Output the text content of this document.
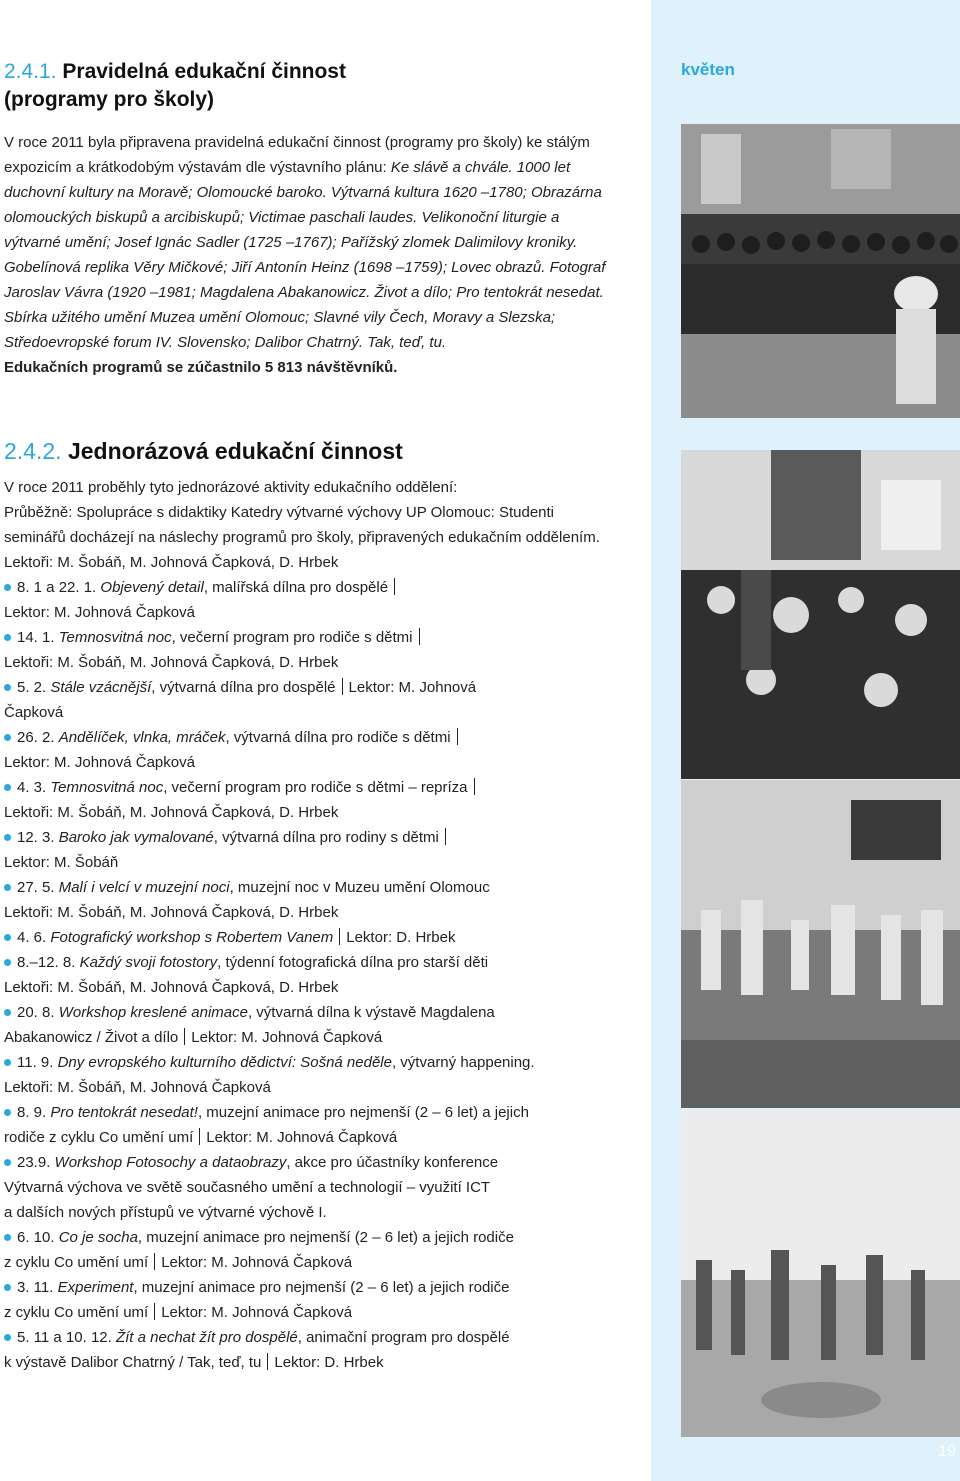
květen
19
2.4.1. Pravidelná edukační činnost
(programy pro školy)

V roce 2011 byla připravena pravidelná edukační činnost (programy pro školy) ke stálým expozicím a krátkodobým výstavám dle výstavního plánu: Ke slávě a chvále. 1000 let duchovní kultury na Moravě; Olomoucké baroko. Výtvarná kultura 1620 –1780; Obrazárna olomouckých biskupů a arcibiskupů; Victimae paschali laudes. Velikonoční liturgie a výtvarné umění; Josef Ignác Sadler (1725 –1767); Pařížský zlomek Dalimilovy kroniky. Gobelínová replika Věry Mičkové; Jiří Antonín Heinz (1698 –1759); Lovec obrazů. Fotograf Jaroslav Vávra (1920 –1981; Magdalena Abakanowicz. Život a dílo; Pro tentokrát nesedat. Sbírka užitého umění Muzea umění Olomouc; Slavné vily Čech, Moravy a Slezska; Středoevropské forum IV. Slovensko; Dalibor Chatrný. Tak, teď, tu.

Edukačních programů se zúčastnilo 5 813 návštěvníků.

2.4.2. Jednorázová edukační činnost

V roce 2011 proběhly tyto jednorázové aktivity edukačního oddělení:

Průběžně: Spolupráce s didaktiky Katedry výtvarné výchovy UP Olomouc: Studenti seminářů docházejí na náslechy programů pro školy, připravených edukačním oddělením.

Lektoři: M. Šobáň, M. Johnová Čapková, D. Hrbek

8. 1 a 22. 1. Objevený detail, malířská dílna pro dospělé

Lektor: M. Johnová Čapková

14. 1. Temnosvitná noc, večerní program pro rodiče s dětmi

Lektoři: M. Šobáň, M. Johnová Čapková, D. Hrbek

5. 2. Stále vzácnější, výtvarná dílna pro dospělé Lektor: M. Johnová

Čapková

26. 2. Andělíček, vlnka, mráček, výtvarná dílna pro rodiče s dětmi

Lektor: M. Johnová Čapková

4. 3. Temnosvitná noc, večerní program pro rodiče s dětmi – repríza

Lektoři: M. Šobáň, M. Johnová Čapková, D. Hrbek

12. 3. Baroko jak vymalované, výtvarná dílna pro rodiny s dětmi

Lektor: M. Šobáň

27. 5. Malí i velcí v muzejní noci, muzejní noc v Muzeu umění Olomouc

Lektoři: M. Šobáň, M. Johnová Čapková, D. Hrbek

4. 6. Fotografický workshop s Robertem Vanem Lektor: D. Hrbek

8.–12. 8. Každý svoji fotostory, týdenní fotografická dílna pro starší děti

Lektoři: M. Šobáň, M. Johnová Čapková, D. Hrbek

20. 8. Workshop kreslené animace, výtvarná dílna k výstavě Magdalena

Abakanowicz / Život a dílo Lektor: M. Johnová Čapková

11. 9. Dny evropského kulturního dědictví: Sošná neděle, výtvarný happening.

Lektoři: M. Šobáň, M. Johnová Čapková

8. 9. Pro tentokrát nesedat!, muzejní animace pro nejmenší (2 – 6 let) a jejich

rodiče z cyklu Co umění umí Lektor: M. Johnová Čapková

23.9. Workshop Fotosochy a dataobrazy, akce pro účastníky konference

Výtvarná výchova ve světě současného umění a technologií – využití ICT

a dalších nových přístupů ve výtvarné výchově I.

6. 10. Co je socha, muzejní animace pro nejmenší (2 – 6 let) a jejich rodiče

z cyklu Co umění umí Lektor: M. Johnová Čapková

3. 11. Experiment, muzejní animace pro nejmenší (2 – 6 let) a jejich rodiče

z cyklu Co umění umí Lektor: M. Johnová Čapková

5. 11 a 10. 12. Žít a nechat žít pro dospělé, animační program pro dospělé

k výstavě Dalibor Chatrný / Tak, teď, tu Lektor: D. Hrbek
